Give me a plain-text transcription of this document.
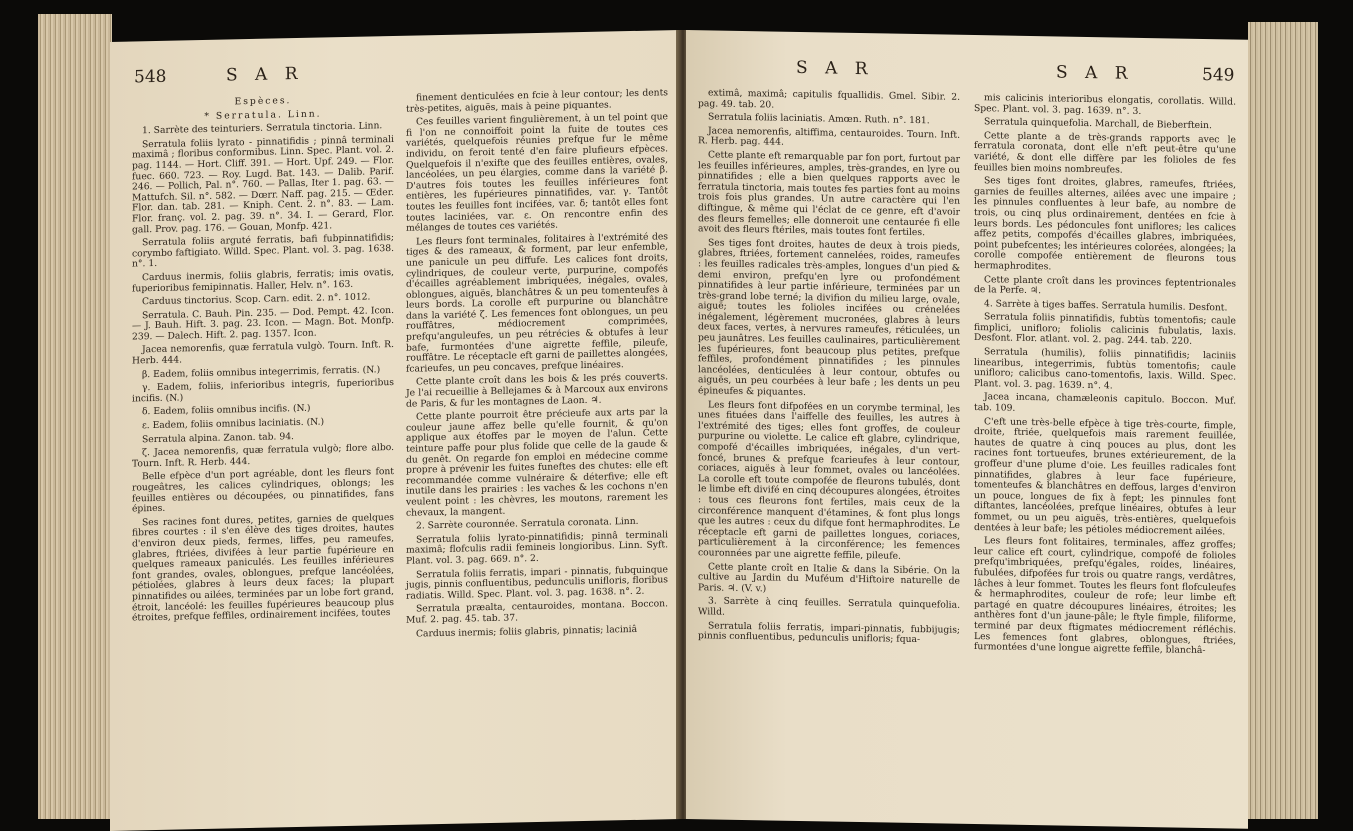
548	S A R

Espèces.

* Serratula. Linn.

1. Sarrète des teinturiers. Serratula tinctoria. Linn.

Serratula foliis lyrato - pinnatifidis ; pinnâ terminali maximâ ; floribus conformibus. Linn. Spec. Plant. vol. 2. pag. 1144. — Hort. Cliff. 391. — Hort. Upf. 249. — Flor. fuec. 660. 723. — Roy. Lugd. Bat. 143. — Dalib. Parif. 246. — Pollich, Pal. n°. 760. — Pallas, Iter 1. pag. 63. — Mattufch. Sil. n°. 582. — Dœrr. Naff. pag. 215. — Œder. Flor. dan. tab. 281. — Kniph. Cent. 2. n°. 83. — Lam. Flor. franç. vol. 2. pag. 39. n°. 34. I. — Gerard, Flor. gall. Prov. pag. 176. — Gouan, Monfp. 421.

Serratula foliis arguté ferratis, bafi fubpinnatifidis; corymbo faftigiato. Willd. Spec. Plant. vol. 3. pag. 1638. n°. 1.

Carduus inermis, foliis glabris, ferratis; imis ovatis, fuperioribus femipinnatis. Haller, Helv. n°. 163.

Carduus tinctorius. Scop. Carn. edit. 2. n°. 1012.

Serratula. C. Bauh. Pin. 235. — Dod. Pempt. 42. Icon. — J. Bauh. Hift. 3. pag. 23. Icon. — Magn. Bot. Monfp. 239. — Dalech. Hift. 2. pag. 1357. Icon.

Jacea nemorenfis, quæ ferratula vulgò. Tourn. Inft. R. Herb. 444.

β. Eadem, foliis omnibus integerrimis, ferratis. (N.)

γ. Eadem, foliis, inferioribus integris, fuperioribus incifis. (N.)

δ. Eadem, foliis omnibus incifis. (N.)

ε. Eadem, foliis omnibus laciniatis. (N.)

Serratula alpina. Zanon. tab. 94.

ζ. Jacea nemorenfis, quæ ferratula vulgò; flore albo. Tourn. Inft. R. Herb. 444.

Belle efpèce d'un port agréable, dont les fleurs font rougeâtres, les calices cylindriques, oblongs; les feuilles entières ou découpées, ou pinnatifides, fans épines.

Ses racines font dures, petites, garnies de quelques fibres courtes : il s'en élève des tiges droites, hautes d'environ deux pieds, fermes, liffes, peu rameufes, glabres, ftriées, divifées à leur partie fupérieure en quelques rameaux paniculés. Les feuilles inférieures font grandes, ovales, oblongues, prefque lancéolées, pétiolées, glabres à leurs deux faces; la plupart pinnatifides ou ailées, terminées par un lobe fort grand, étroit, lancéolé: les feuilles fupérieures beaucoup plus étroites, prefque feffiles, ordinairement incifées, toutes

finement denticulées en fcie à leur contour; les dents très-petites, aiguës, mais à peine piquantes.

Ces feuilles varient fingulièrement, à un tel point que fi l'on ne connoiffoit point la fuite de toutes ces variétés, quelquefois réunies prefque fur le même individu, on feroit tenté d'en faire plufieurs efpèces. Quelquefois il n'exifte que des feuilles entières, ovales, lancéolées, un peu élargies, comme dans la variété β. D'autres fois toutes les feuilles inférieures font entières, les fupérieures pinnatifides, var. γ. Tantôt toutes les feuilles font incifées, var. δ; tantôt elles font toutes laciniées, var. ε. On rencontre enfin des mélanges de toutes ces variétés.

Les fleurs font terminales, folitaires à l'extrémité des tiges & des rameaux, & forment, par leur enfemble, une panicule un peu diffufe. Les calices font droits, cylindriques, de couleur verte, purpurine, compofés d'écailles agréablement imbriquées, inégales, ovales, oblongues, aiguës, blanchâtres & un peu tomenteufes à leurs bords. La corolle eft purpurine ou blanchâtre dans la variété ζ. Les femences font oblongues, un peu rouffâtres, médiocrement comprimées, prefqu'anguleufes, un peu rétrécies & obtufes à leur bafe, furmontées d'une aigrette feffile, pileufe, rouffâtre. Le réceptacle eft garni de paillettes alongées, fcarieufes, un peu concaves, prefque linéaires.

Cette plante croît dans les bois & les prés couverts. Je l'ai recueillie à Bellejames & à Marcoux aux environs de Paris, & fur les montagnes de Laon. ♃.

Cette plante pourroit être précieufe aux arts par la couleur jaune affez belle qu'elle fournit, & qu'on applique aux étoffes par le moyen de l'alun. Cette teinture paffe pour plus folide que celle de la gaude & du genêt. On regarde fon emploi en médecine comme propre à prévenir les fuites funeftes des chutes: elle eft recommandée comme vulnéraire & déterfive; elle eft inutile dans les prairies : les vaches & les cochons n'en veulent point : les chèvres, les moutons, rarement les chevaux, la mangent.

2. Sarrète couronnée. Serratula coronata. Linn.

Serratula foliis lyrato-pinnatifidis; pinnâ terminali maximâ; flofculis radii femineis longioribus. Linn. Syft. Plant. vol. 3. pag. 669. n°. 2.

Serratula foliis ferratis, impari - pinnatis, fubquinque jugis, pinnis confluentibus, pedunculis unifloris, floribus radiatis. Willd. Spec. Plant. vol. 3. pag. 1638. n°. 2.

Serratula præalta, centauroides, montana. Boccon. Muf. 2. pag. 45. tab. 37.

Carduus inermis; foliis glabris, pinnatis; laciniâ

S A R	S A R	549

extimâ, maximâ; capitulis fquallidis. Gmel. Sibir. 2. pag. 49. tab. 20.

Serratula foliis laciniatis. Amœn. Ruth. n°. 181.

Jacea nemorenfis, altiffima, centauroides. Tourn. Inft. R. Herb. pag. 444.

Cette plante eft remarquable par fon port, furtout par les feuilles inférieures, amples, très-grandes, en lyre ou pinnatifides ; elle a bien quelques rapports avec le ferratula tinctoria, mais toutes fes parties font au moins trois fois plus grandes. Un autre caractère qui l'en diftingue, & même qui l'éclat de ce genre, eft d'avoir des fleurs femelles; elle donneroit une centaurée fi elle avoit des fleurs ftériles, mais toutes font fertiles.

Ses tiges font droites, hautes de deux à trois pieds, glabres, ftriées, fortement cannelées, roides, rameufes : les feuilles radicales très-amples, longues d'un pied & demi environ, prefqu'en lyre ou profondément pinnatifides à leur partie inférieure, terminées par un très-grand lobe terné; la divifion du milieu large, ovale, aiguë; toutes les folioles incifées ou crénelées inégalement, légèrement mucronées, glabres à leurs deux faces, vertes, à nervures rameufes, réticulées, un peu jaunâtres. Les feuilles caulinaires, particulièrement les fupérieures, font beaucoup plus petites, prefque feffiles, profondément pinnatifides ; les pinnules lancéolées, denticulées à leur contour, obtufes ou aiguës, un peu courbées à leur bafe ; les dents un peu épineufes & piquantes.

Les fleurs font difpofées en un corymbe terminal, les unes fituées dans l'aiffelle des feuilles, les autres à l'extrémité des tiges; elles font groffes, de couleur purpurine ou violette. Le calice eft glabre, cylindrique, compofé d'écailles imbriquées, inégales, d'un vert-foncé, brunes & prefque fcarieufes à leur contour, coriaces, aiguës à leur fommet, ovales ou lancéolées. La corolle eft toute compofée de fleurons tubulés, dont le limbe eft divifé en cinq découpures alongées, étroites : tous ces fleurons font fertiles, mais ceux de la circonférence manquent d'étamines, & font plus longs que les autres : ceux du difque font hermaphrodites. Le réceptacle eft garni de paillettes longues, coriaces, particulièrement à la circonférence; les femences couronnées par une aigrette feffile, pileufe.

Cette plante croît en Italie & dans la Sibérie. On la cultive au Jardin du Muféum d'Hiftoire naturelle de Paris. ♃. (V. v.)

3. Sarrète à cinq feuilles. Serratula quinquefolia. Willd.

Serratula foliis ferratis, impari-pinnatis, fubbijugis; pinnis confluentibus, pedunculis unifloris; fqua-

mis calicinis interioribus elongatis, corollatis. Willd. Spec. Plant. vol. 3. pag. 1639. n°. 3.

Serratula quinquefolia. Marchall, de Bieberftein.

Cette plante a de très-grands rapports avec le ferratula coronata, dont elle n'eft peut-être qu'une variété, & dont elle diffère par les folioles de fes feuilles bien moins nombreufes.

Ses tiges font droites, glabres, rameufes, ftriées, garnies de feuilles alternes, ailées avec une impaire ; les pinnules confluentes à leur bafe, au nombre de trois, ou cinq plus ordinairement, dentées en fcie à leurs bords. Les pédoncules font uniflores; les calices affez petits, compofés d'écailles glabres, imbriquées, point pubefcentes; les intérieures colorées, alongées; la corolle compofée entièrement de fleurons tous hermaphrodites.

Cette plante croît dans les provinces feptentrionales de la Perfe. ♃.

4. Sarrète à tiges baffes. Serratula humilis. Desfont.

Serratula foliis pinnatifidis, fubtùs tomentofis; caule fimplici, unifloro; foliolis calicinis fubulatis, laxis. Desfont. Flor. atlant. vol. 2. pag. 244. tab. 220.

Serratula (humilis), foliis pinnatifidis; laciniis linearibus, integerrimis, fubtùs tomentofis; caule unifloro; calicibus cano-tomentofis, laxis. Willd. Spec. Plant. vol. 3. pag. 1639. n°. 4.

Jacea incana, chamæleonis capitulo. Boccon. Muf. tab. 109.

C'eft une très-belle efpèce à tige très-courte, fimple, droite, ftriée, quelquefois mais rarement feuillée, hautes de quatre à cinq pouces au plus, dont les racines font tortueufes, brunes extérieurement, de la groffeur d'une plume d'oie. Les feuilles radicales font pinnatifides, glabres à leur face fupérieure, tomenteufes & blanchâtres en deffous, larges d'environ un pouce, longues de fix à fept; les pinnules font diftantes, lancéolées, prefque linéaires, obtufes à leur fommet, ou un peu aiguës, très-entières, quelquefois dentées à leur bafe; les pétioles médiocrement ailées.

Les fleurs font folitaires, terminales, affez groffes; leur calice eft court, cylindrique, compofé de folioles prefqu'imbriquées, prefqu'égales, roides, linéaires, fubulées, difpofées fur trois ou quatre rangs, verdâtres, lâches à leur fommet. Toutes les fleurs font flofculeufes & hermaphrodites, couleur de rofe; leur limbe eft partagé en quatre découpures linéaires, étroites; les anthères font d'un jaune-pâle; le ftyle fimple, filiforme, terminé par deux ftigmates médiocrement réfléchis. Les femences font glabres, oblongues, ftriées, furmontées d'une longue aigrette feffile, blanchâ-
